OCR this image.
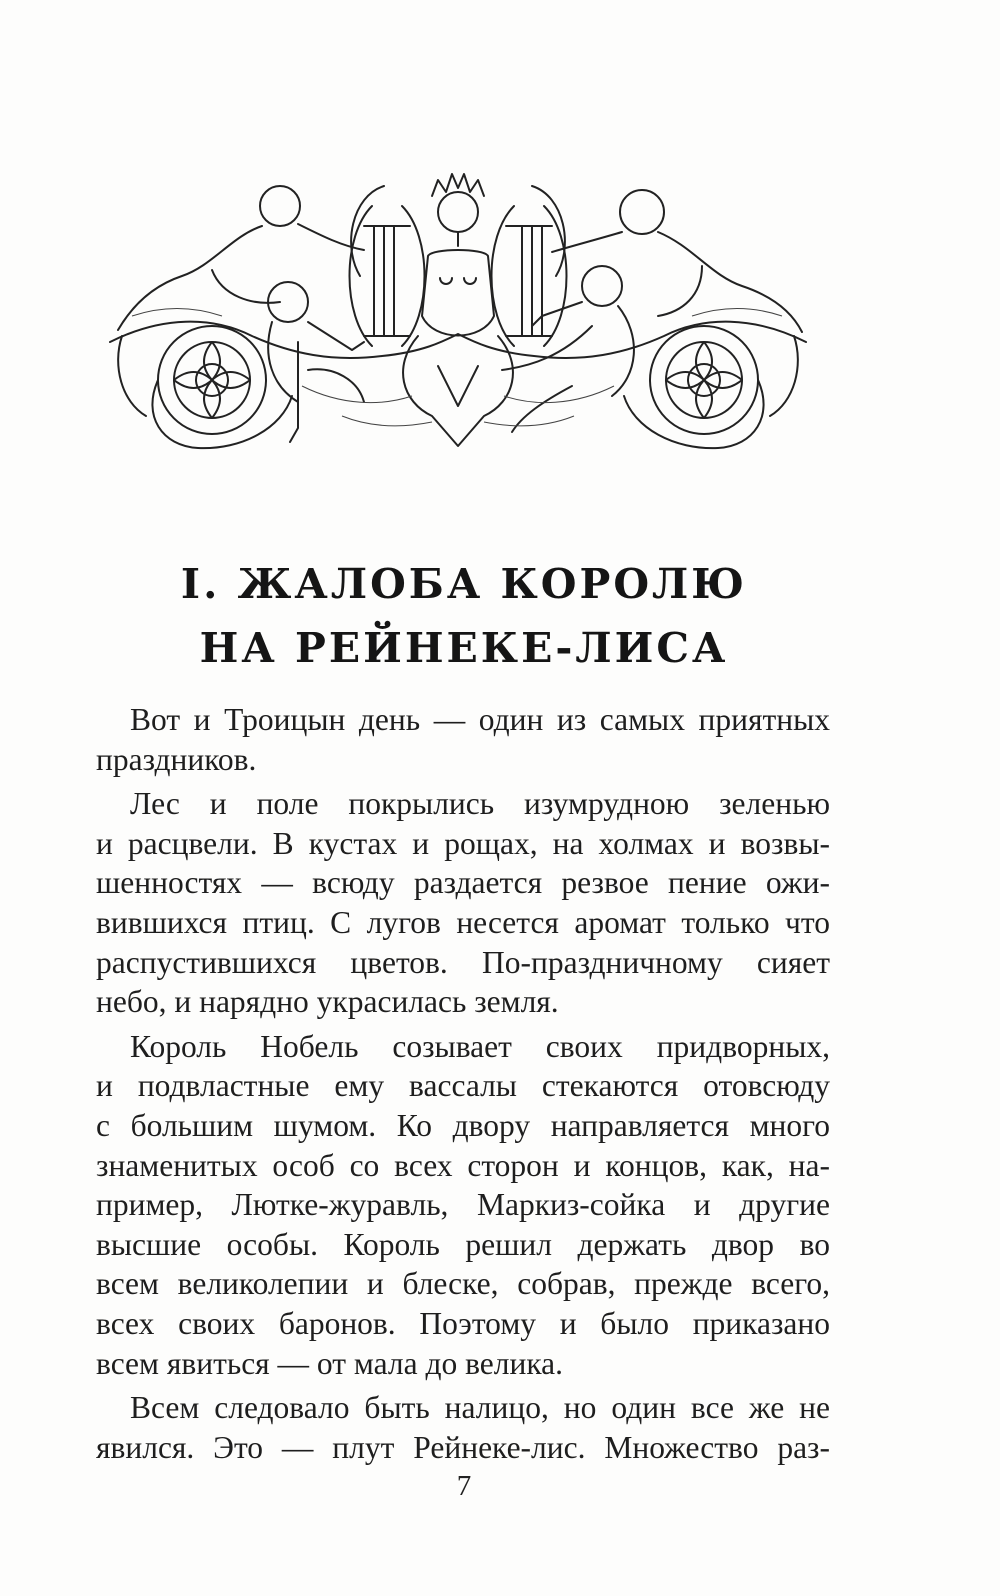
I. ЖАЛОБА КОРОЛЮ
НА РЕЙНЕКЕ-ЛИСА

Вот и Троицын день — один из самых приятных
праздников.

Лес и поле покрылись изумрудною зеленью
и расцвели. В кустах и рощах, на холмах и возвы-
шенностях — всюду раздается резвое пение ожи-
вившихся птиц. С лугов несется аромат только что
распустившихся цветов. По-праздничному сияет
небо, и нарядно украсилась земля.

Король Нобель созывает своих придворных,
и подвластные ему вассалы стекаются отовсюду
с большим шумом. Ко двору направляется много
знаменитых особ со всех сторон и концов, как, на-
пример, Лютке-журавль, Маркиз-сойка и другие
высшие особы. Король решил держать двор во
всем великолепии и блеске, собрав, прежде всего,
всех своих баронов. Поэтому и было приказано
всем явиться — от мала до велика.

Всем следовало быть налицо, но один все же не
явился. Это — плут Рейнеке-лис. Множество раз-

7
